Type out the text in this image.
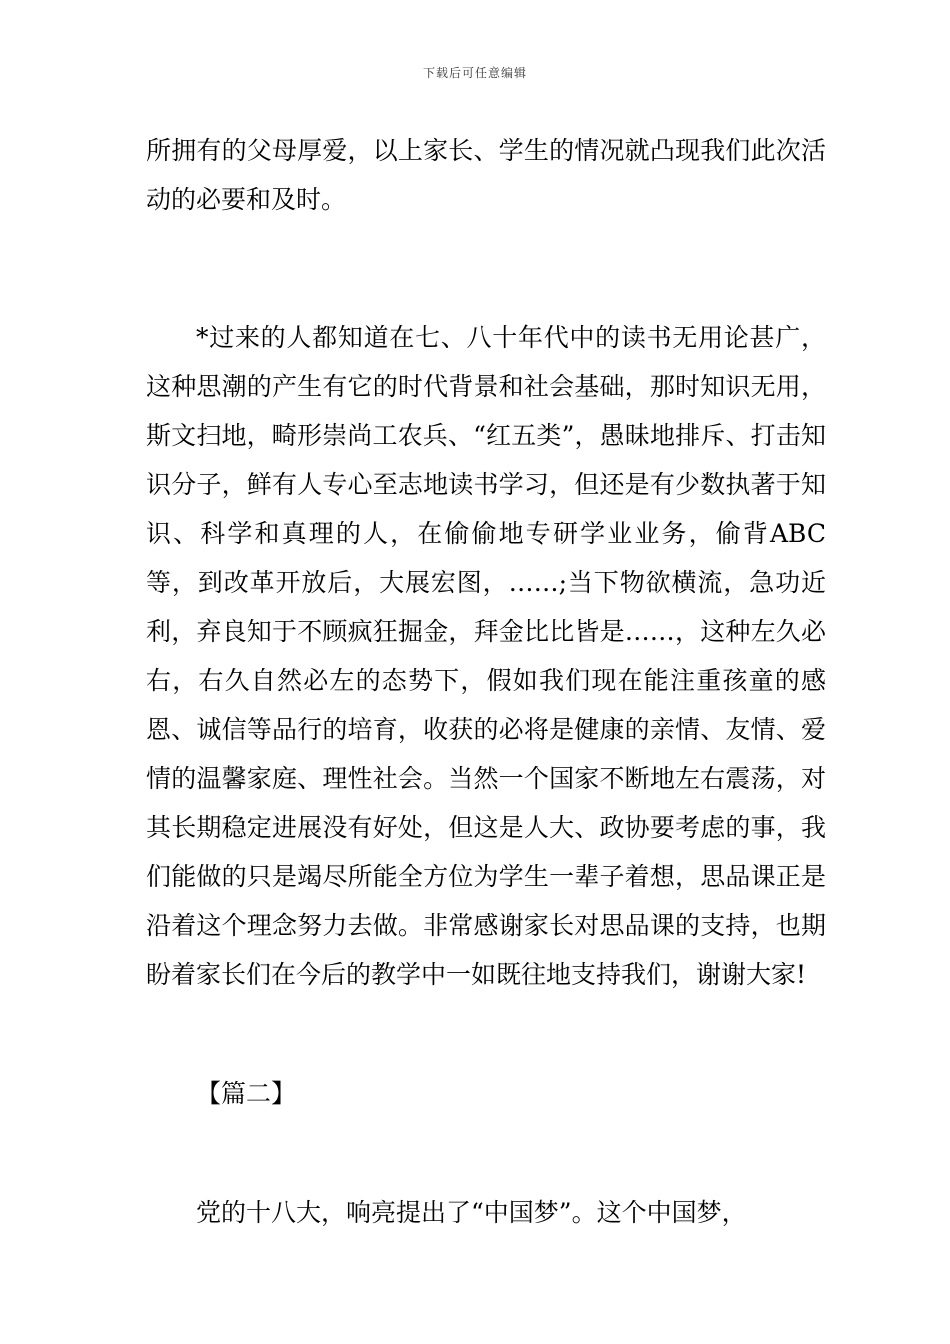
下载后可任意编辑

所拥有的父母厚爱，以上家长、学生的情况就凸现我们此次活动的必要和及时。

*过来的人都知道在七、八十年代中的读书无用论甚广，这种思潮的产生有它的时代背景和社会基础，那时知识无用，斯文扫地，畸形崇尚工农兵、“红五类”，愚昧地排斥、打击知识分子，鲜有人专心至志地读书学习，但还是有少数执著于知识、科学和真理的人，在偷偷地专研学业业务，偷背ABC等，到改革开放后，大展宏图，……;当下物欲横流，急功近利，弃良知于不顾疯狂掘金，拜金比比皆是……，这种左久必右，右久自然必左的态势下，假如我们现在能注重孩童的感恩、诚信等品行的培育，收获的必将是健康的亲情、友情、爱情的温馨家庭、理性社会。当然一个国家不断地左右震荡，对其长期稳定进展没有好处，但这是人大、政协要考虑的事，我们能做的只是竭尽所能全方位为学生一辈子着想，思品课正是沿着这个理念努力去做。非常感谢家长对思品课的支持，也期盼着家长们在今后的教学中一如既往地支持我们，谢谢大家!

【篇二】

党的十八大，响亮提出了“中国梦”。这个中国梦，
